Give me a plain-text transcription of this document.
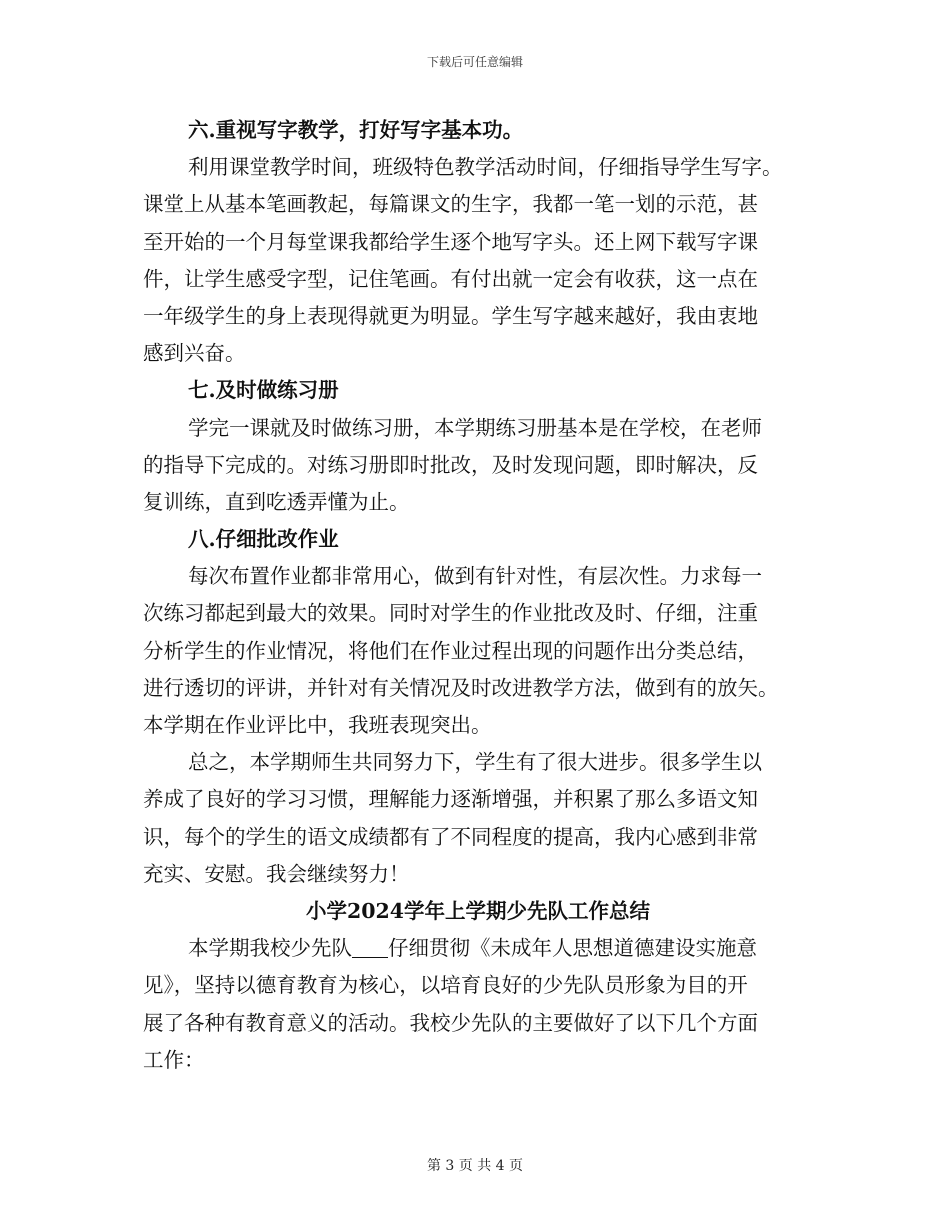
下载后可任意编辑
六.重视写字教学，打好写字基本功。
利用课堂教学时间，班级特色教学活动时间，仔细指导学生写字。
课堂上从基本笔画教起，每篇课文的生字，我都一笔一划的示范，甚
至开始的一个月每堂课我都给学生逐个地写字头。还上网下载写字课
件，让学生感受字型，记住笔画。有付出就一定会有收获，这一点在
一年级学生的身上表现得就更为明显。学生写字越来越好，我由衷地
感到兴奋。
七.及时做练习册
学完一课就及时做练习册，本学期练习册基本是在学校，在老师
的指导下完成的。对练习册即时批改，及时发现问题，即时解决，反
复训练，直到吃透弄懂为止。
八.仔细批改作业
每次布置作业都非常用心，做到有针对性，有层次性。力求每一
次练习都起到最大的效果。同时对学生的作业批改及时、仔细，注重
分析学生的作业情况，将他们在作业过程出现的问题作出分类总结，
进行透切的评讲，并针对有关情况及时改进教学方法，做到有的放矢。
本学期在作业评比中，我班表现突出。
总之，本学期师生共同努力下，学生有了很大进步。很多学生以
养成了良好的学习习惯，理解能力逐渐增强，并积累了那么多语文知
识，每个的学生的语文成绩都有了不同程度的提高，我内心感到非常
充实、安慰。我会继续努力！
小学2024学年上学期少先队工作总结
本学期我校少先队 仔细贯彻《未成年人思想道德建设实施意
见》，坚持以德育教育为核心，以培育良好的少先队员形象为目的开
展了各种有教育意义的活动。我校少先队的主要做好了以下几个方面
工作：
第 3 页 共 4 页
